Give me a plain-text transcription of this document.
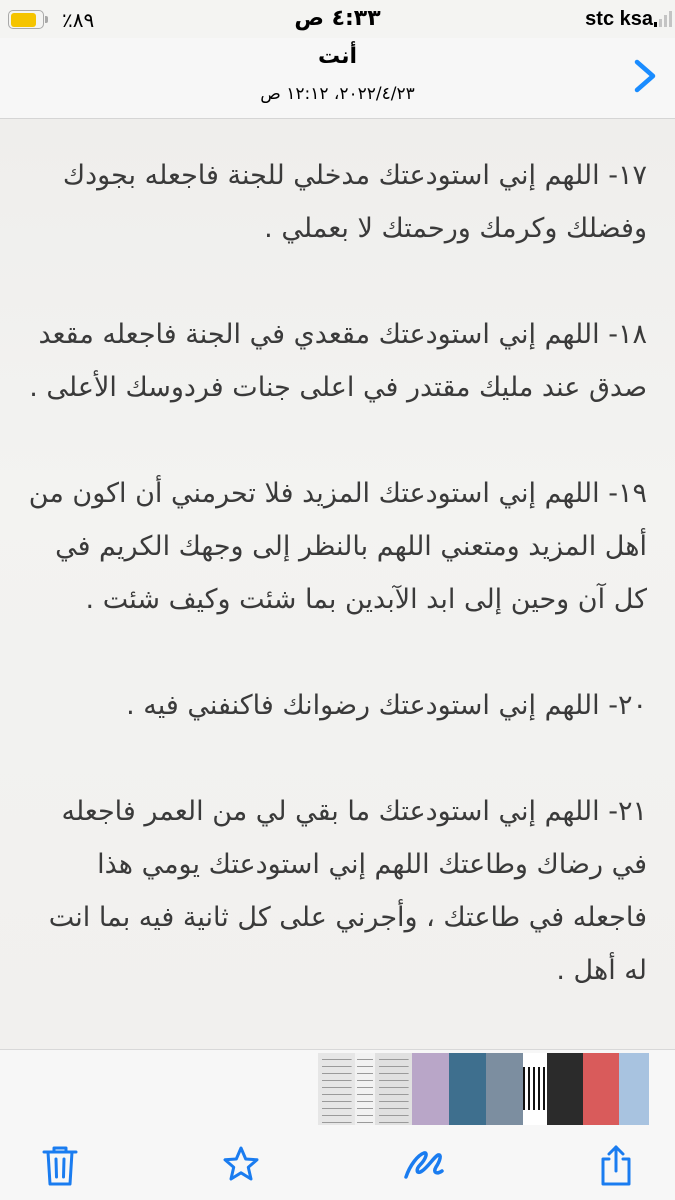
٨٩٪	٤:٣٣ ص	stc ksa
أنت
٢٠٢٢/٤/٢٣، ١٢:١٢ ص

١٧- اللهم إني استودعتك مدخلي للجنة فاجعله بجودك وفضلك وكرمك ورحمتك لا بعملي .

١٨- اللهم إني استودعتك مقعدي في الجنة فاجعله مقعد صدق عند مليك مقتدر في اعلى جنات فردوسك الأعلى .

١٩- اللهم إني استودعتك المزيد فلا تحرمني أن اكون من أهل المزيد ومتعني اللهم بالنظر إلى وجهك الكريم في كل آن وحين إلى ابد الآبدين بما شئت وكيف شئت .

٢٠- اللهم إني استودعتك رضوانك فاكنفني فيه .

٢١- اللهم إني استودعتك ما بقي لي من العمر فاجعله في رضاك وطاعتك اللهم إني استودعتك يومي هذا فاجعله في طاعتك ، وأجرني على كل ثانية فيه بما انت له أهل .
